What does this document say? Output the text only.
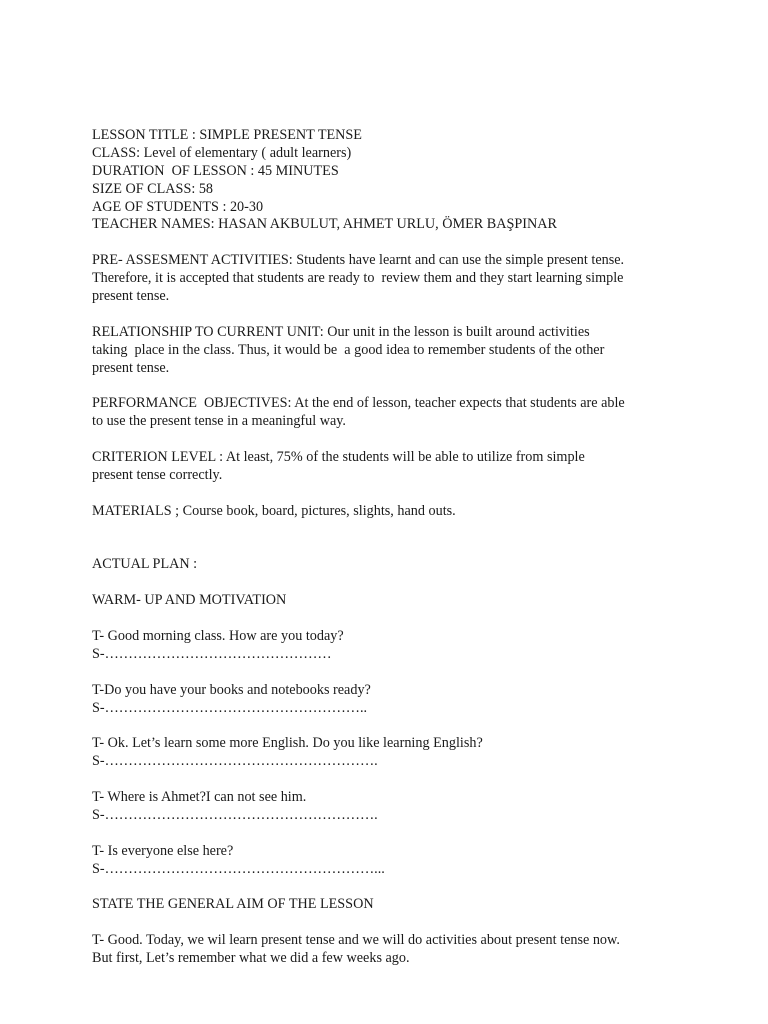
LESSON TITLE : SIMPLE PRESENT TENSE
CLASS: Level of elementary ( adult learners)
DURATION  OF LESSON : 45 MINUTES
SIZE OF CLASS: 58
AGE OF STUDENTS : 20-30
TEACHER NAMES: HASAN AKBULUT, AHMET URLU, ÖMER BAŞPINAR
PRE- ASSESMENT ACTIVITIES: Students have learnt and can use the simple present tense.
Therefore, it is accepted that students are ready to  review them and they start learning simple
present tense.
RELATIONSHIP TO CURRENT UNIT: Our unit in the lesson is built around activities
taking  place in the class. Thus, it would be  a good idea to remember students of the other
present tense.
PERFORMANCE  OBJECTIVES: At the end of lesson, teacher expects that students are able
to use the present tense in a meaningful way.
CRITERION LEVEL : At least, 75% of the students will be able to utilize from simple
present tense correctly.
MATERIALS ; Course book, board, pictures, slights, hand outs.
ACTUAL PLAN :
WARM- UP AND MOTIVATION
T- Good morning class. How are you today?
S-…………………………………………
T-Do you have your books and notebooks ready?
S-………………………………………………..
T- Ok. Let’s learn some more English. Do you like learning English?
S-………………………………………………….
T- Where is Ahmet?I can not see him.
S-………………………………………………….
T- Is everyone else here?
S-…………………………………………………...
STATE THE GENERAL AIM OF THE LESSON
T- Good. Today, we wil learn present tense and we will do activities about present tense now.
But first, Let’s remember what we did a few weeks ago.
